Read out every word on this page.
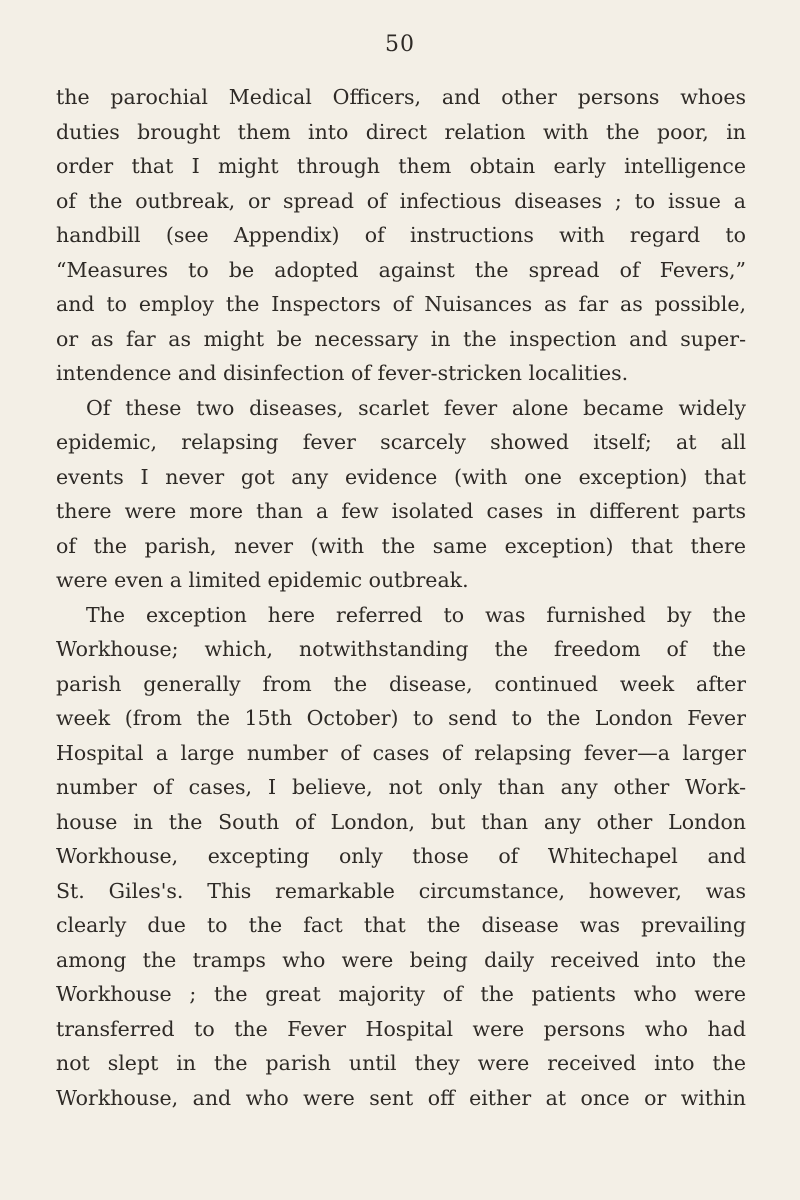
50
the parochial Medical Officers, and other persons whoes
duties brought them into direct relation with the poor, in
order that I might through them obtain early intelligence
of the outbreak, or spread of infectious diseases ; to issue a
handbill (see Appendix) of instructions with regard to
“Measures to be adopted against the spread of Fevers,”
and to employ the Inspectors of Nuisances as far as possible,
or as far as might be necessary in the inspection and super-
intendence and disinfection of fever-stricken localities.
Of these two diseases, scarlet fever alone became widely
epidemic, relapsing fever scarcely showed itself; at all
events I never got any evidence (with one exception) that
there were more than a few isolated cases in different parts
of the parish, never (with the same exception) that there
were even a limited epidemic outbreak.
The exception here referred to was furnished by the
Workhouse; which, notwithstanding the freedom of the
parish generally from the disease, continued week after
week (from the 15th October) to send to the London Fever
Hospital a large number of cases of relapsing fever—a larger
number of cases, I believe, not only than any other Work-
house in the South of London, but than any other London
Workhouse, excepting only those of Whitechapel and
St. Giles's. This remarkable circumstance, however, was
clearly due to the fact that the disease was prevailing
among the tramps who were being daily received into the
Workhouse ; the great majority of the patients who were
transferred to the Fever Hospital were persons who had
not slept in the parish until they were received into the
Workhouse, and who were sent off either at once or within
